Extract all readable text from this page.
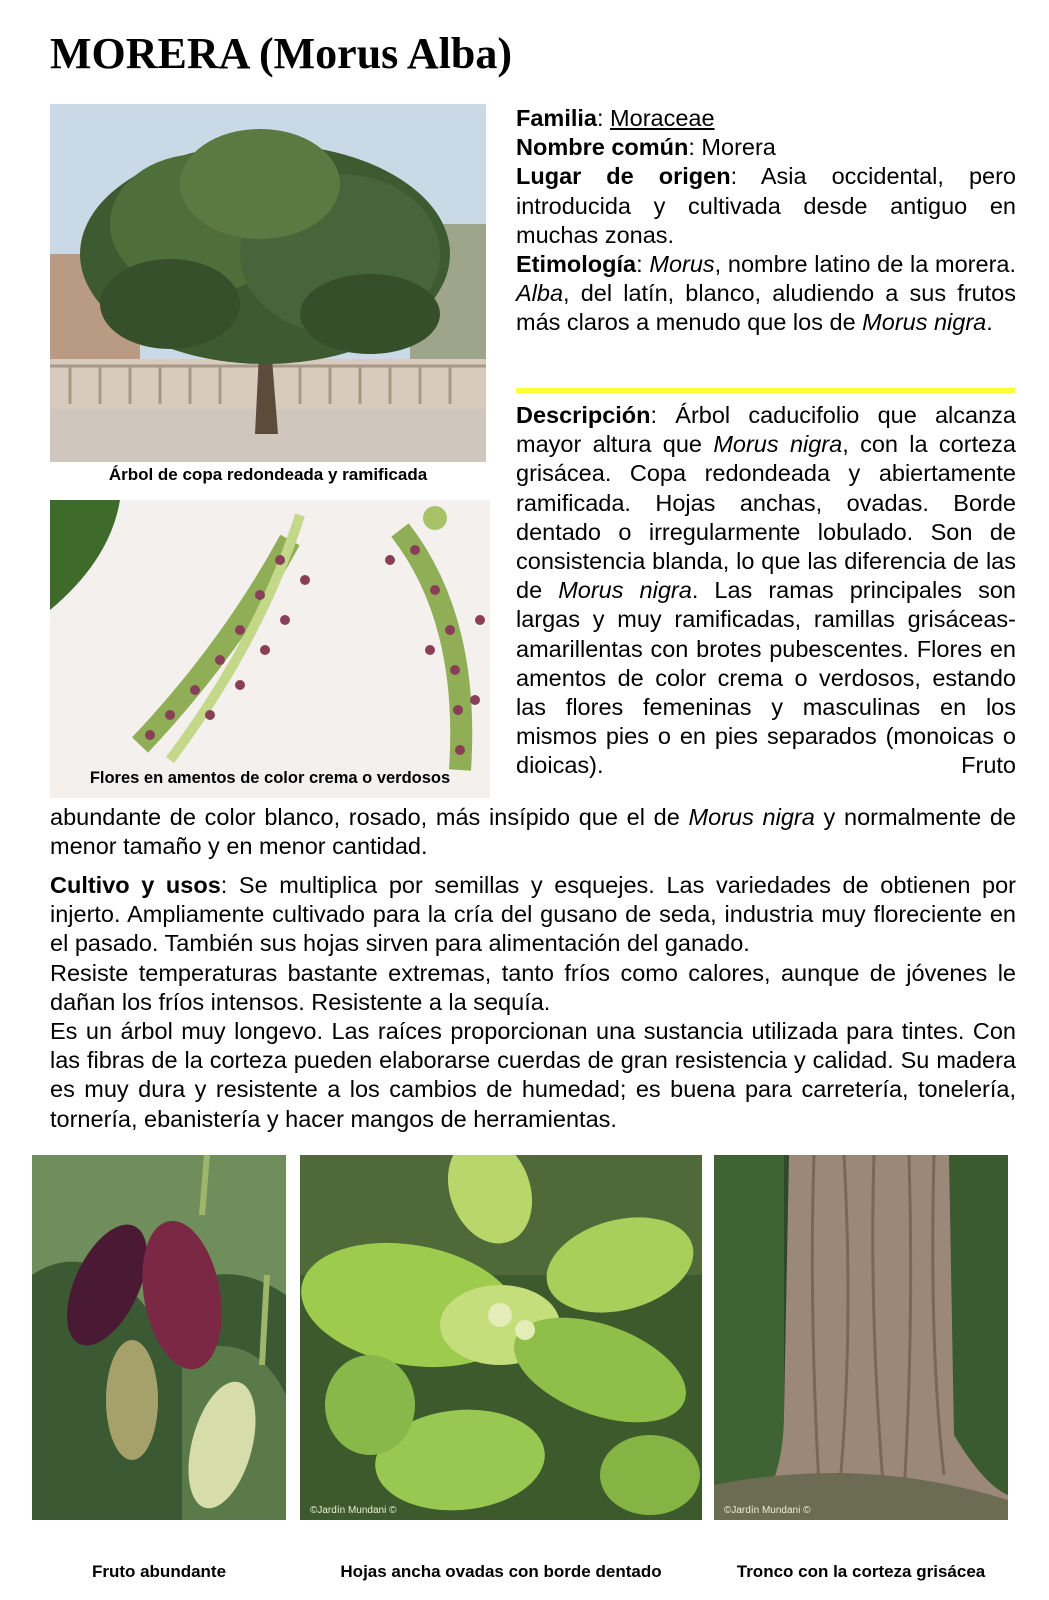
MORERA (Morus Alba)
Árbol de copa redondeada y ramificada
Flores en amentos de color crema o verdosos

Familia: Moraceae
Nombre común: Morera
Lugar de origen: Asia occidental, pero introducida y cultivada desde antiguo en muchas zonas.
Etimología: Morus, nombre latino de la morera. Alba, del latín, blanco, aludiendo a sus frutos más claros a menudo que los de Morus nigra.

Descripción: Árbol caducifolio que alcanza mayor altura que Morus nigra, con la corteza grisácea. Copa redondeada y abiertamente ramificada. Hojas anchas, ovadas. Borde dentado o irregularmente lobulado. Son de consistencia blanda, lo que las diferencia de las de Morus nigra. Las ramas principales son largas y muy ramificadas, ramillas grisáceas-amarillentas con brotes pubescentes. Flores en amentos de color crema o verdosos, estando las flores femeninas y masculinas en los mismos pies o en pies separados (monoicas o dioicas). Fruto

abundante de color blanco, rosado, más insípido que el de Morus nigra y normalmente de menor tamaño y en menor cantidad.

Cultivo y usos: Se multiplica por semillas y esquejes. Las variedades de obtienen por injerto. Ampliamente cultivado para la cría del gusano de seda, industria muy floreciente en el pasado. También sus hojas sirven para alimentación del ganado.

Resiste temperaturas bastante extremas, tanto fríos como calores, aunque de jóvenes le dañan los fríos intensos. Resistente a la sequía.

Es un árbol muy longevo. Las raíces proporcionan una sustancia utilizada para tintes. Con las fibras de la corteza pueden elaborarse cuerdas de gran resistencia y calidad. Su madera es muy dura y resistente a los cambios de humedad; es buena para carretería, tonelería, tornería, ebanistería y hacer mangos de herramientas.

Fruto abundante
©Jardín Mundani ©
Hojas ancha ovadas con borde dentado
©Jardín Mundani ©
Tronco con la corteza grisácea
